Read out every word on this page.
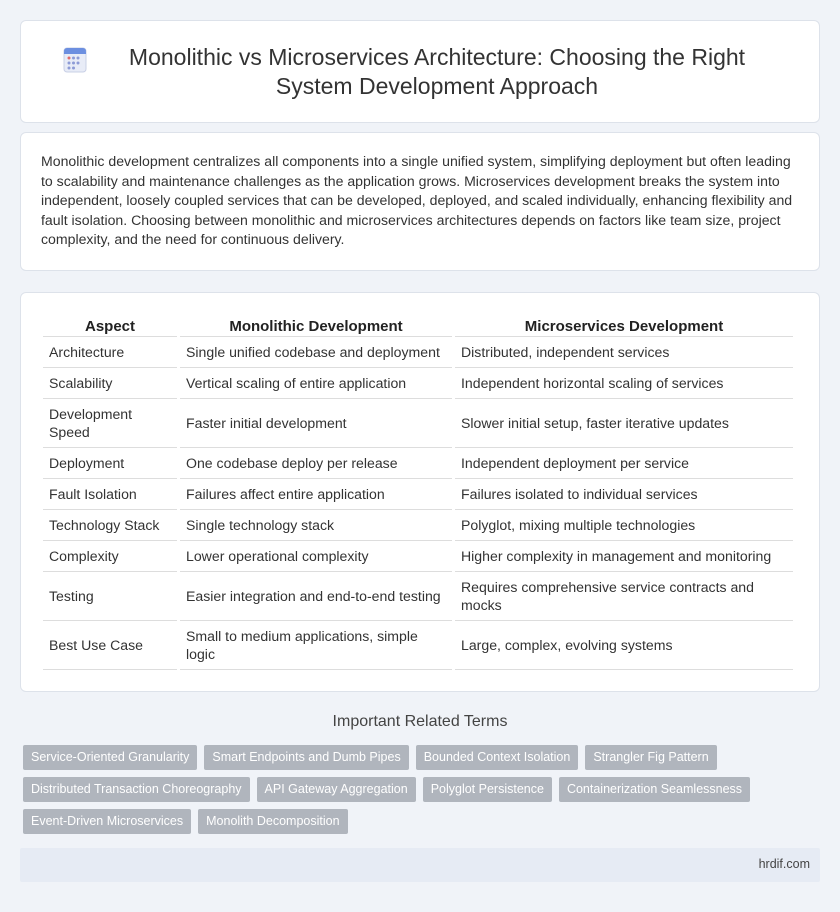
Monolithic vs Microservices Architecture: Choosing the Right System Development Approach

Monolithic development centralizes all components into a single unified system, simplifying deployment but often leading to scalability and maintenance challenges as the application grows. Microservices development breaks the system into independent, loosely coupled services that can be developed, deployed, and scaled individually, enhancing flexibility and fault isolation. Choosing between monolithic and microservices architectures depends on factors like team size, project complexity, and the need for continuous delivery.

Aspect	Monolithic Development	Microservices Development
Architecture	Single unified codebase and deployment	Distributed, independent services
Scalability	Vertical scaling of entire application	Independent horizontal scaling of services
Development Speed	Faster initial development	Slower initial setup, faster iterative updates
Deployment	One codebase deploy per release	Independent deployment per service
Fault Isolation	Failures affect entire application	Failures isolated to individual services
Technology Stack	Single technology stack	Polyglot, mixing multiple technologies
Complexity	Lower operational complexity	Higher complexity in management and monitoring
Testing	Easier integration and end-to-end testing	Requires comprehensive service contracts and mocks
Best Use Case	Small to medium applications, simple logic	Large, complex, evolving systems
Important Related Terms
Service-Oriented Granularity	Smart Endpoints and Dumb Pipes	Bounded Context Isolation	Strangler Fig Pattern
Distributed Transaction Choreography	API Gateway Aggregation	Polyglot Persistence	Containerization Seamlessness
Event-Driven Microservices	Monolith Decomposition
hrdif.com
